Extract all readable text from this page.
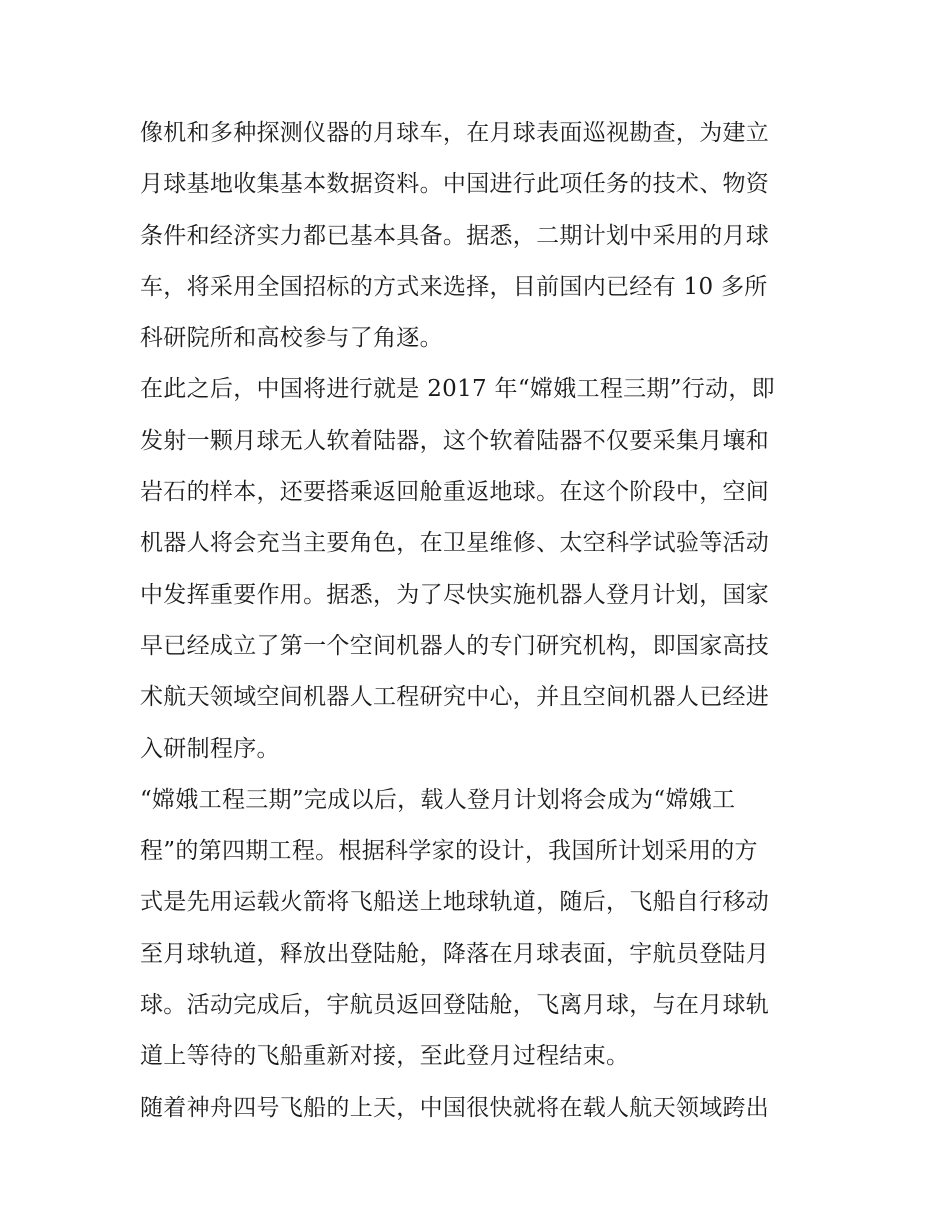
像机和多种探测仪器的月球车，在月球表面巡视勘查，为建立
月球基地收集基本数据资料。中国进行此项任务的技术、物资
条件和经济实力都已基本具备。据悉，二期计划中采用的月球
车，将采用全国招标的方式来选择，目前国内已经有 10 多所
科研院所和高校参与了角逐。
在此之后，中国将进行就是 2017 年“嫦娥工程三期”行动，即
发射一颗月球无人软着陆器，这个软着陆器不仅要采集月壤和
岩石的样本，还要搭乘返回舱重返地球。在这个阶段中，空间
机器人将会充当主要角色，在卫星维修、太空科学试验等活动
中发挥重要作用。据悉，为了尽快实施机器人登月计划，国家
早已经成立了第一个空间机器人的专门研究机构，即国家高技
术航天领域空间机器人工程研究中心，并且空间机器人已经进
入研制程序。
“嫦娥工程三期”完成以后，载人登月计划将会成为“嫦娥工
程”的第四期工程。根据科学家的设计，我国所计划采用的方
式是先用运载火箭将飞船送上地球轨道，随后，飞船自行移动
至月球轨道，释放出登陆舱，降落在月球表面，宇航员登陆月
球。活动完成后，宇航员返回登陆舱，飞离月球，与在月球轨
道上等待的飞船重新对接，至此登月过程结束。
随着神舟四号飞船的上天，中国很快就将在载人航天领域跨出
